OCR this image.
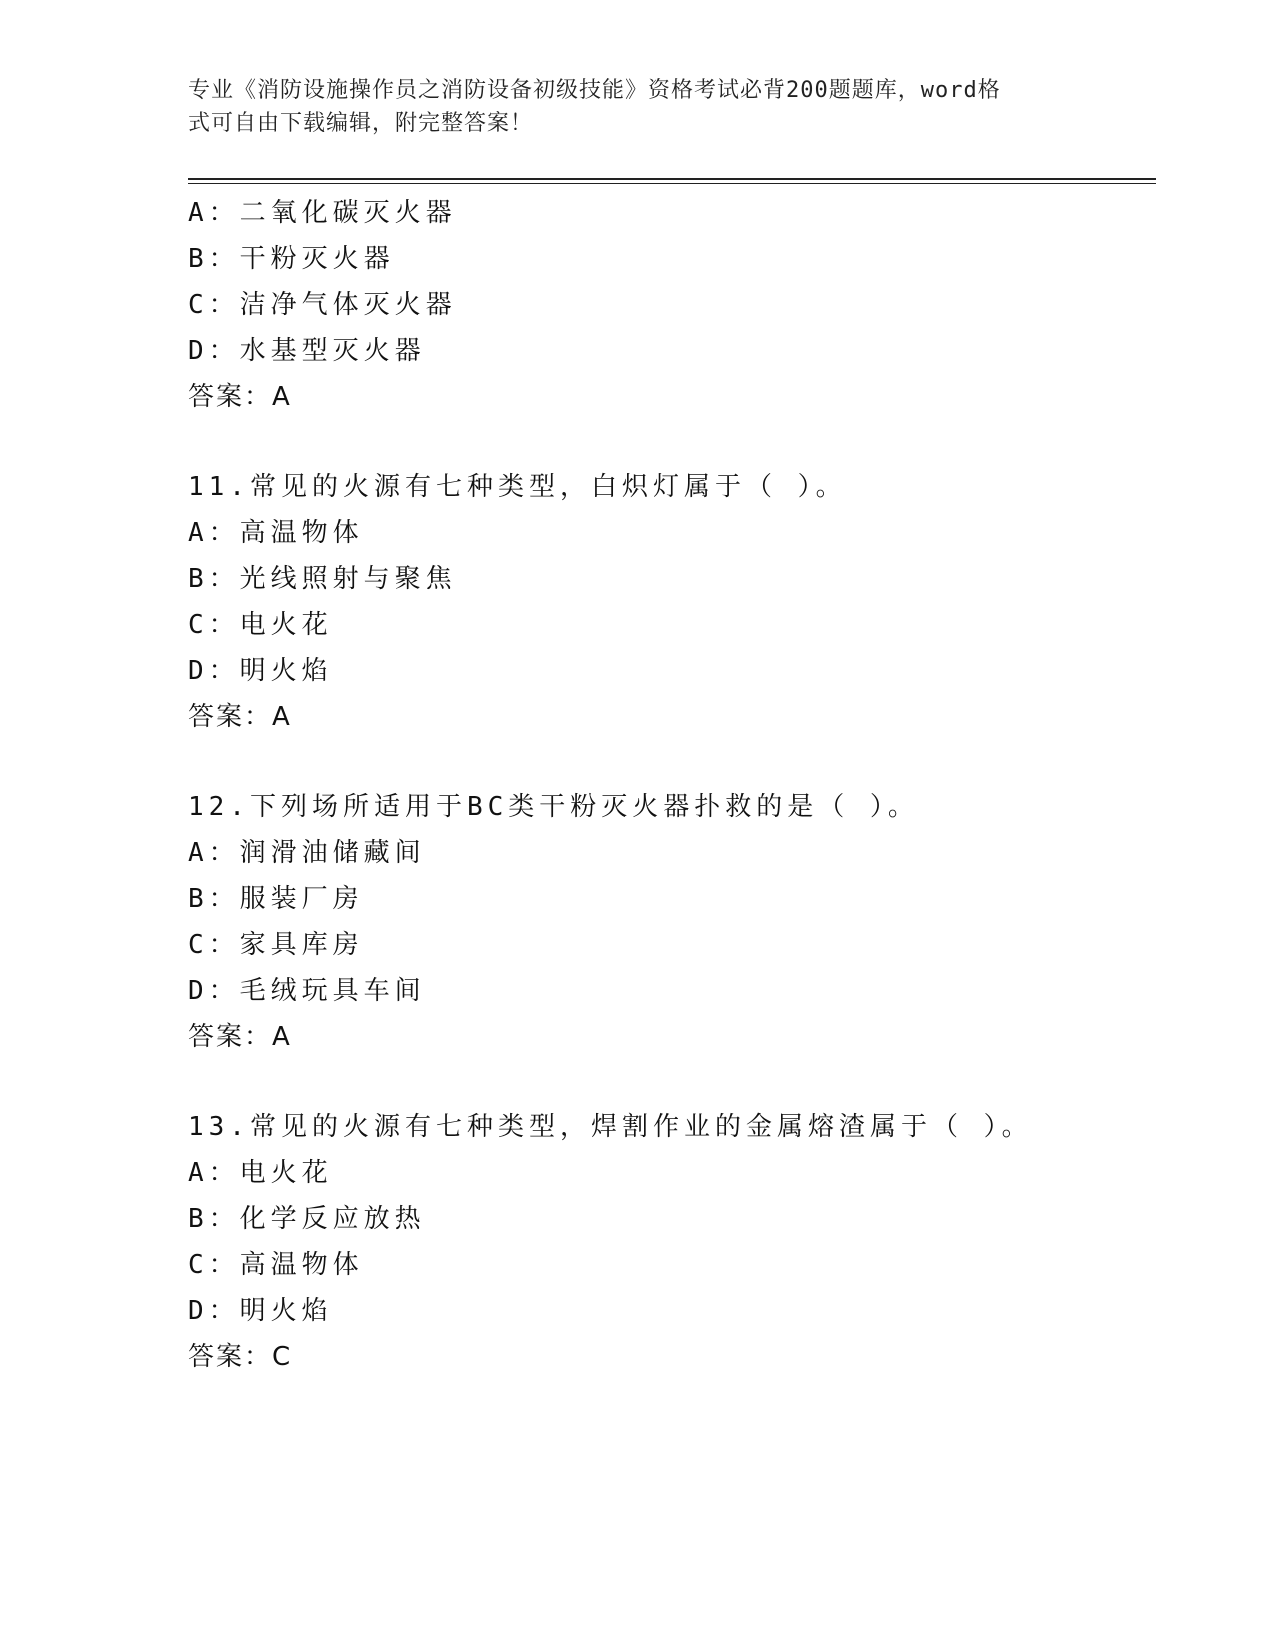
专业《消防设施操作员之消防设备初级技能》资格考试必背200题题库，word格
式可自由下载编辑，附完整答案！
A：二氧化碳灭火器
B：干粉灭火器
C：洁净气体灭火器
D：水基型灭火器
答案：A
11.常见的火源有七种类型，白炽灯属于（ ）。
A：高温物体
B：光线照射与聚焦
C：电火花
D：明火焰
答案：A
12.下列场所适用于BC类干粉灭火器扑救的是（ ）。
A：润滑油储藏间
B：服装厂房
C：家具库房
D：毛绒玩具车间
答案：A
13.常见的火源有七种类型，焊割作业的金属熔渣属于（ ）。
A：电火花
B：化学反应放热
C：高温物体
D：明火焰
答案：C
